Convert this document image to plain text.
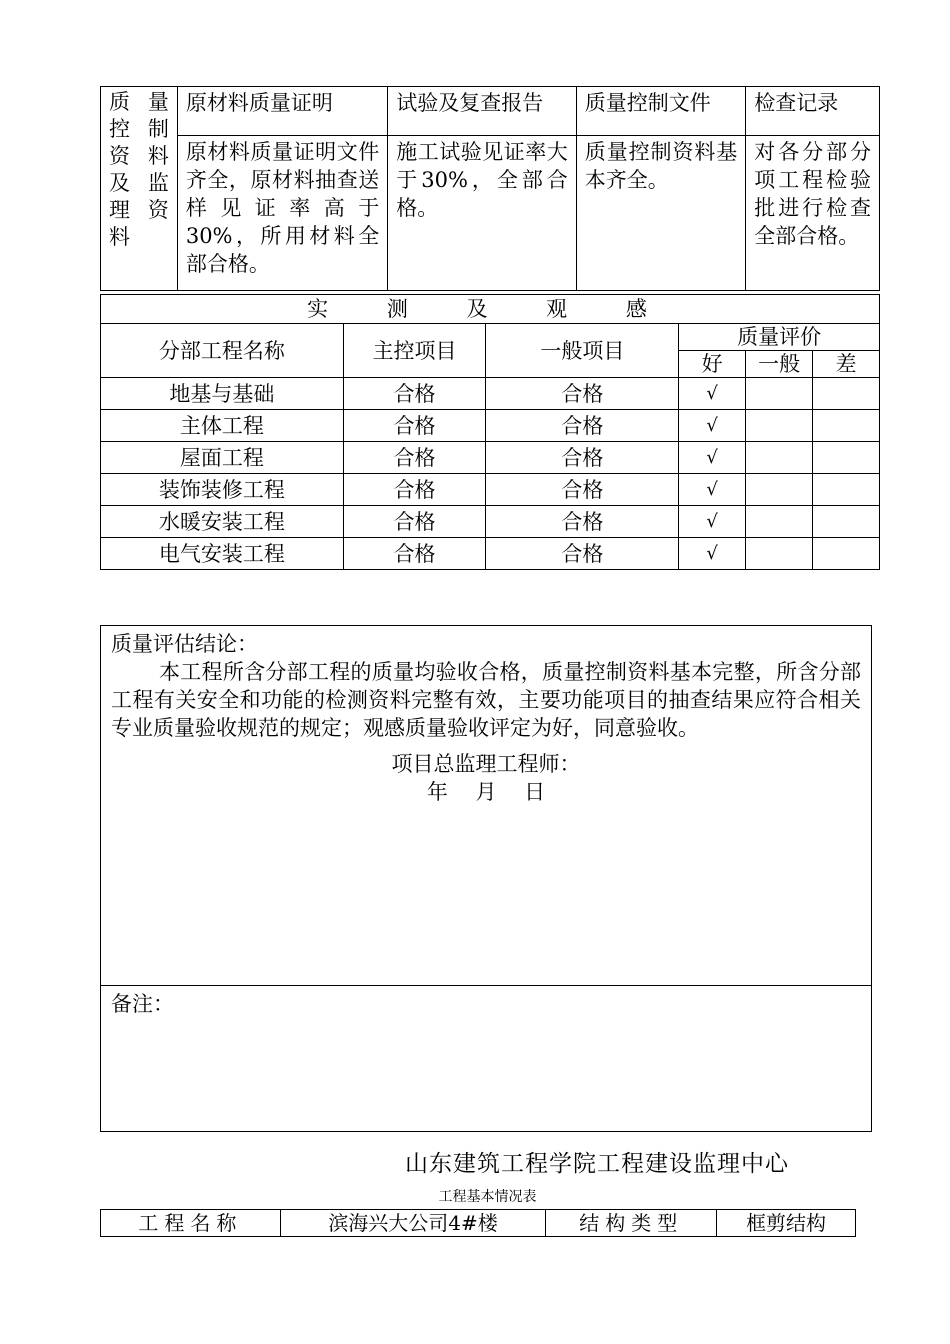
质量控制资料及监理资料	原材料质量证明	试验及复查报告	质量控制文件	检查记录
	原材料质量证明文件齐全，原材料抽查送样见证率高于30%，所用材料全部合格。	施工试验见证率大于30%，全部合格。	质量控制资料基本齐全。	对各分部分项工程检验批进行检查全部合格。
实 测 及 观 感					
分部工程名称	主控项目	一般项目	质量评价		
			好	一般	差
地基与基础	合格	合格	√		
主体工程	合格	合格	√		
屋面工程	合格	合格	√		
装饰装修工程	合格	合格	√		
水暖安装工程	合格	合格	√		
电气安装工程	合格	合格	√		
质量评估结论：
本工程所含分部工程的质量均验收合格，质量控制资料基本完整，所含分部工程有关安全和功能的检测资料完整有效，主要功能项目的抽查结果应符合相关专业质量验收规范的规定；观感质量验收评定为好，同意验收。
项目总监理工程师：
年　 月　 日
备注：
山东建筑工程学院工程建设监理中心
工程基本情况表
工程名称	滨海兴大公司4#楼	结构类型	框剪结构
